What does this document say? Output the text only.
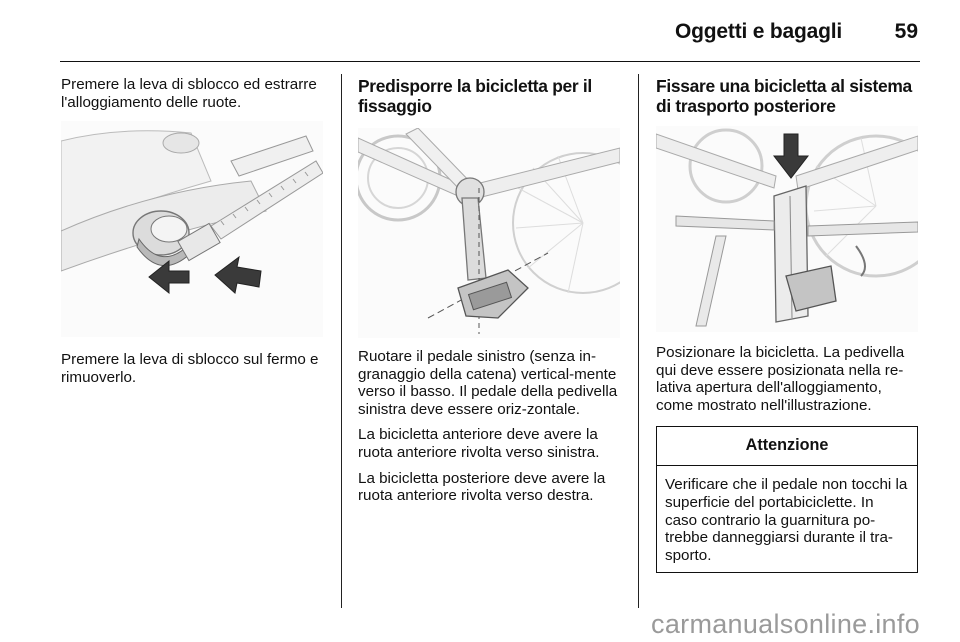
Oggetti e bagagli	59

Premere la leva di sblocco ed estrarre l'alloggiamento delle ruote.

Premere la leva di sblocco sul fermo e rimuoverlo.

Predisporre la bicicletta per il fissaggio

Ruotare il pedale sinistro (senza in-granaggio della catena) vertical-mente verso il basso. Il pedale della pedivella sinistra deve essere oriz-zontale.

La bicicletta anteriore deve avere la ruota anteriore rivolta verso sinistra.

La bicicletta posteriore deve avere la ruota anteriore rivolta verso destra.

Fissare una bicicletta al sistema di trasporto posteriore

Posizionare la bicicletta. La pedivella qui deve essere posizionata nella re-lativa apertura dell'alloggiamento, come mostrato nell'illustrazione.

Attenzione
Verificare che il pedale non tocchi la superficie del portabiciclette. In caso contrario la guarnitura po-trebbe danneggiarsi durante il tra-sporto.
carmanualsonline.info
